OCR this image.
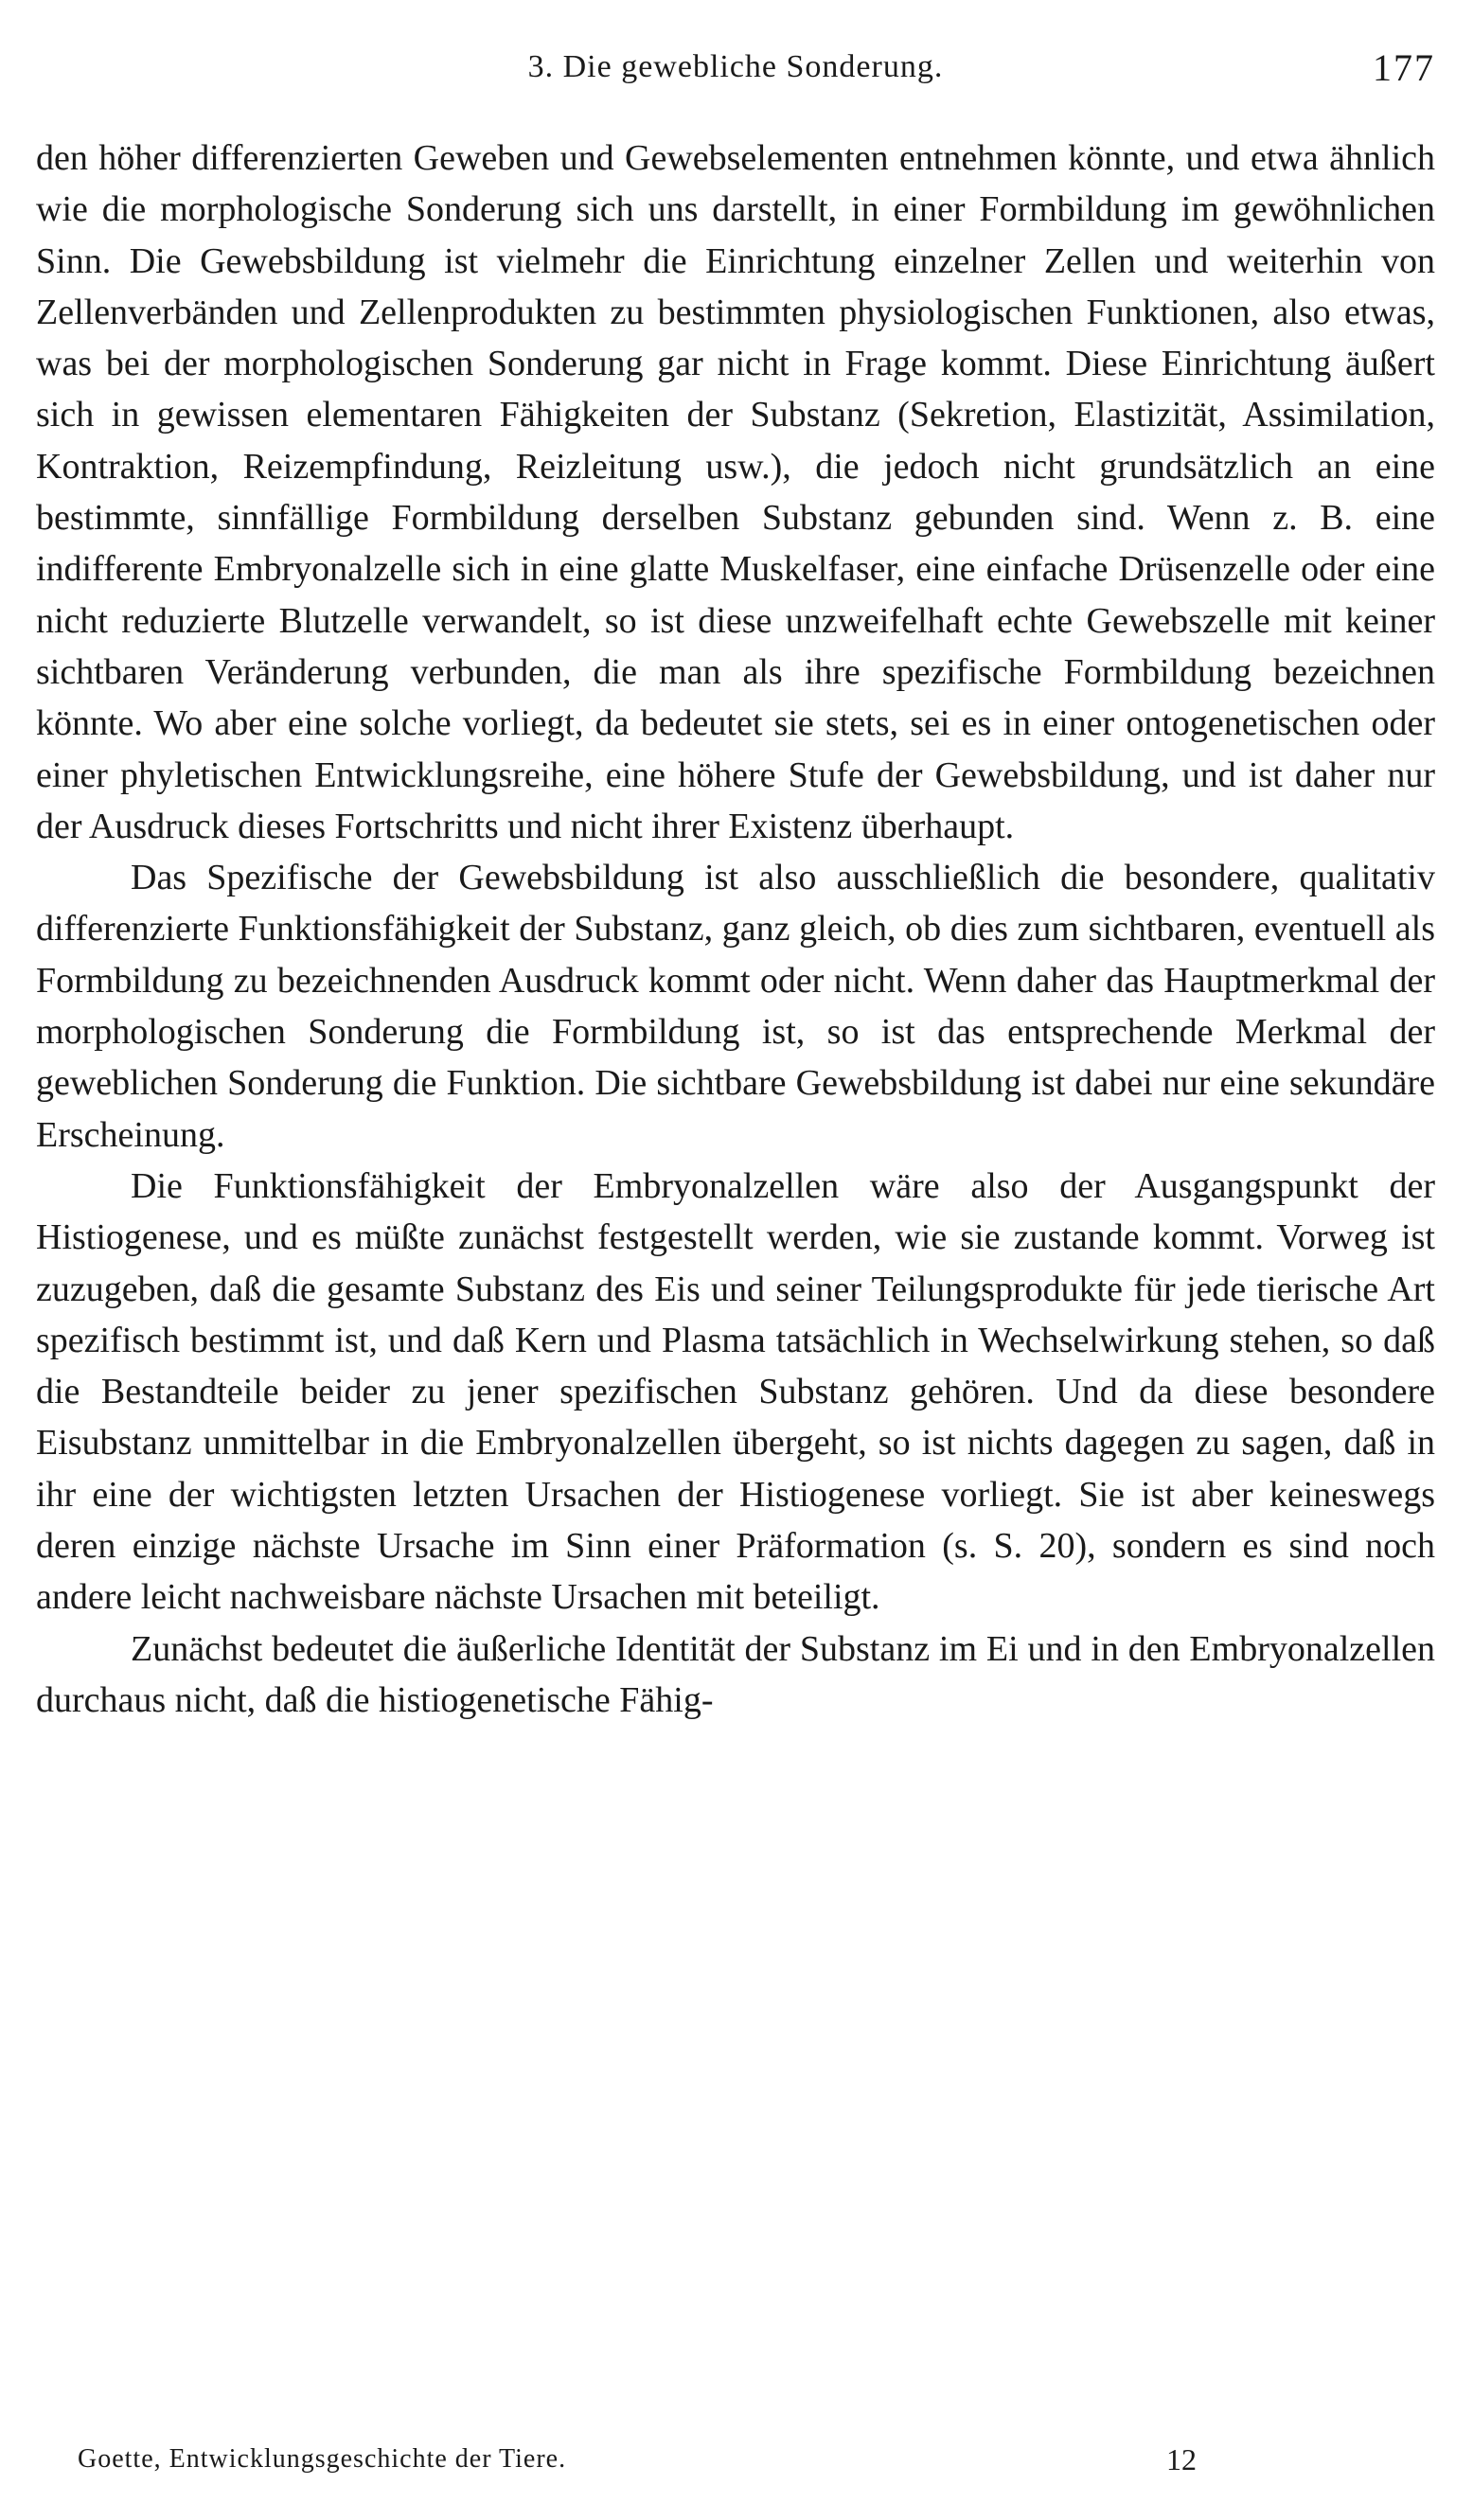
3. Die gewebliche Sonderung.	177

den höher differenzierten Geweben und Gewebselementen entnehmen könnte, und etwa ähnlich wie die morphologische Sonderung sich uns darstellt, in einer Formbildung im gewöhnlichen Sinn. Die Gewebsbildung ist vielmehr die Einrichtung einzelner Zellen und weiterhin von Zellenverbänden und Zellenprodukten zu bestimmten physiologischen Funktionen, also etwas, was bei der morphologischen Sonderung gar nicht in Frage kommt. Diese Einrichtung äußert sich in gewissen elementaren Fähigkeiten der Substanz (Sekretion, Elastizität, Assimilation, Kontraktion, Reizempfindung, Reizleitung usw.), die jedoch nicht grundsätzlich an eine bestimmte, sinnfällige Formbildung derselben Substanz gebunden sind. Wenn z. B. eine indifferente Embryonalzelle sich in eine glatte Muskelfaser, eine einfache Drüsenzelle oder eine nicht reduzierte Blutzelle verwandelt, so ist diese unzweifelhaft echte Gewebszelle mit keiner sichtbaren Veränderung verbunden, die man als ihre spezifische Formbildung bezeichnen könnte. Wo aber eine solche vorliegt, da bedeutet sie stets, sei es in einer ontogenetischen oder einer phyletischen Entwicklungsreihe, eine höhere Stufe der Gewebsbildung, und ist daher nur der Ausdruck dieses Fortschritts und nicht ihrer Existenz überhaupt.

Das Spezifische der Gewebsbildung ist also ausschließlich die besondere, qualitativ differenzierte Funktionsfähigkeit der Substanz, ganz gleich, ob dies zum sichtbaren, eventuell als Formbildung zu bezeichnenden Ausdruck kommt oder nicht. Wenn daher das Hauptmerkmal der morphologischen Sonderung die Formbildung ist, so ist das entsprechende Merkmal der geweblichen Sonderung die Funktion. Die sichtbare Gewebsbildung ist dabei nur eine sekundäre Erscheinung.

Die Funktionsfähigkeit der Embryonalzellen wäre also der Ausgangspunkt der Histiogenese, und es müßte zunächst festgestellt werden, wie sie zustande kommt. Vorweg ist zuzugeben, daß die gesamte Substanz des Eis und seiner Teilungsprodukte für jede tierische Art spezifisch bestimmt ist, und daß Kern und Plasma tatsächlich in Wechselwirkung stehen, so daß die Bestandteile beider zu jener spezifischen Substanz gehören. Und da diese besondere Eisubstanz unmittelbar in die Embryonalzellen übergeht, so ist nichts dagegen zu sagen, daß in ihr eine der wichtigsten letzten Ursachen der Histiogenese vorliegt. Sie ist aber keineswegs deren einzige nächste Ursache im Sinn einer Präformation (s. S. 20), sondern es sind noch andere leicht nachweisbare nächste Ursachen mit beteiligt.

Zunächst bedeutet die äußerliche Identität der Substanz im Ei und in den Embryonalzellen durchaus nicht, daß die histiogenetische Fähig-

Goette, Entwicklungsgeschichte der Tiere.	12
